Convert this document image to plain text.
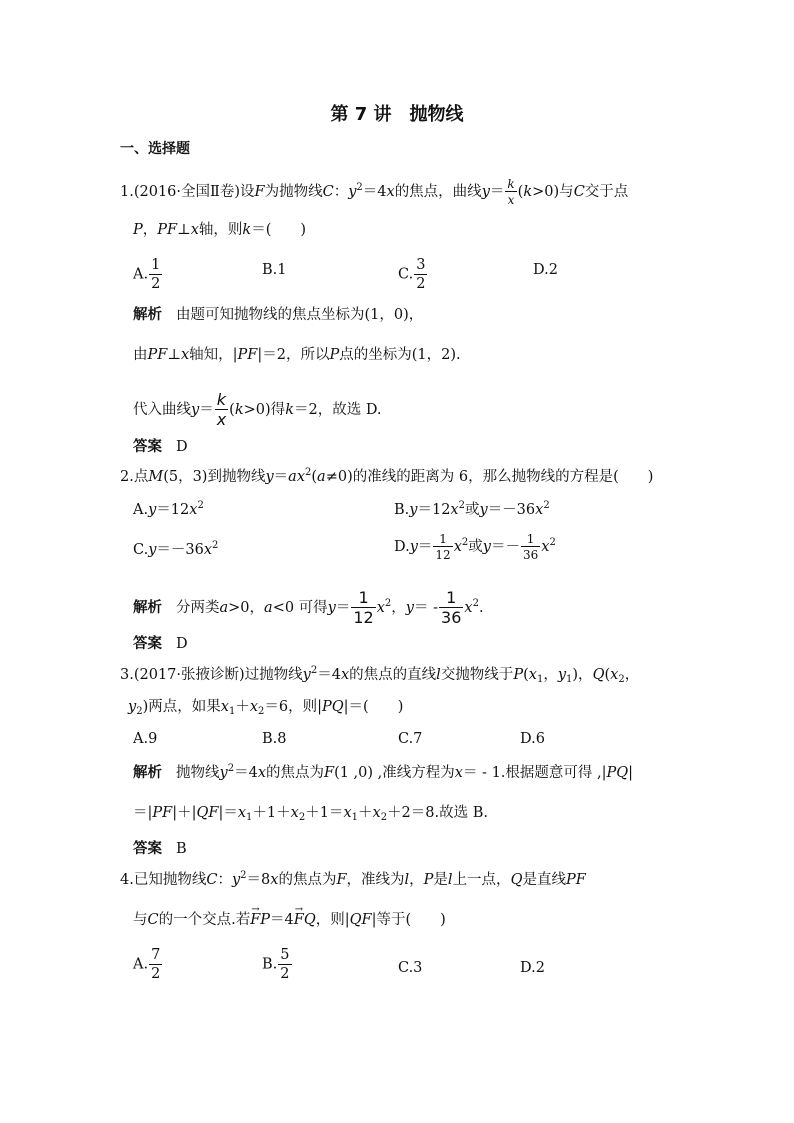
第 7 讲　抛物线
一、选择题
1.(2016·全国Ⅱ卷)设F为抛物线C：$y^2=4x$的焦点，曲线$y= \frac{k}{x} (k>0)$与C交于点
P，PF⊥x轴，则k＝(　　)
A. $\frac{1}{2}$	B.1	C. $\frac{3}{2}$	D.2
解析 由题可知抛物线的焦点坐标为(1，0)，
由PF⊥x轴知，|PF|＝2，所以P点的坐标为(1，2).
代入曲线$y= \frac{k}{x} (k>0)$得k＝2，故选 D.
答案 D
2.点M(5，3)到抛物线$y=ax^2(a\ne 0)$的准线的距离为 6，那么抛物线的方程是(　　)
$A.y=12x^2$	$B.y=12x^2$或$y=-36x^2$
$C.y=-36x^2$	$D.y= \frac{1}{12} x^2$或$y=- \frac{1}{36} x^2$
解析 分两类a>0，a<0 可得$y= \frac{1}{12} x^2$，$y= - \frac{1}{36} x^2$.
答案 D
3.(2017·张掖诊断)过抛物线$y^2=4x$的焦点的直线l交抛物线于$P(x_1$，$y_1$)，$Q(x_2$，
$y_2$)两点，如果$x_1+x_2=6$，则|PQ|＝(　　)
A.9	B.8	C.7	D.6
解析 抛物线$y^2=4x$的焦点为F(1 ,0) ,准线方程为x＝ - 1.根据题意可得 ,|PQ|
$=|PF|+|QF|=x_1+1+x_2+1=x_1+x_2+2=8$.故选 B.
答案 B
4.已知抛物线C：$y^2=8x$的焦点为F，准线为l，P是l上一点，Q是直线PF
与C的一个交点.若→ FP＝4→ FQ，则|QF|等于(　　)
A. $\frac{7}{2}$	B. $\frac{5}{2}$	C.3	D.2
